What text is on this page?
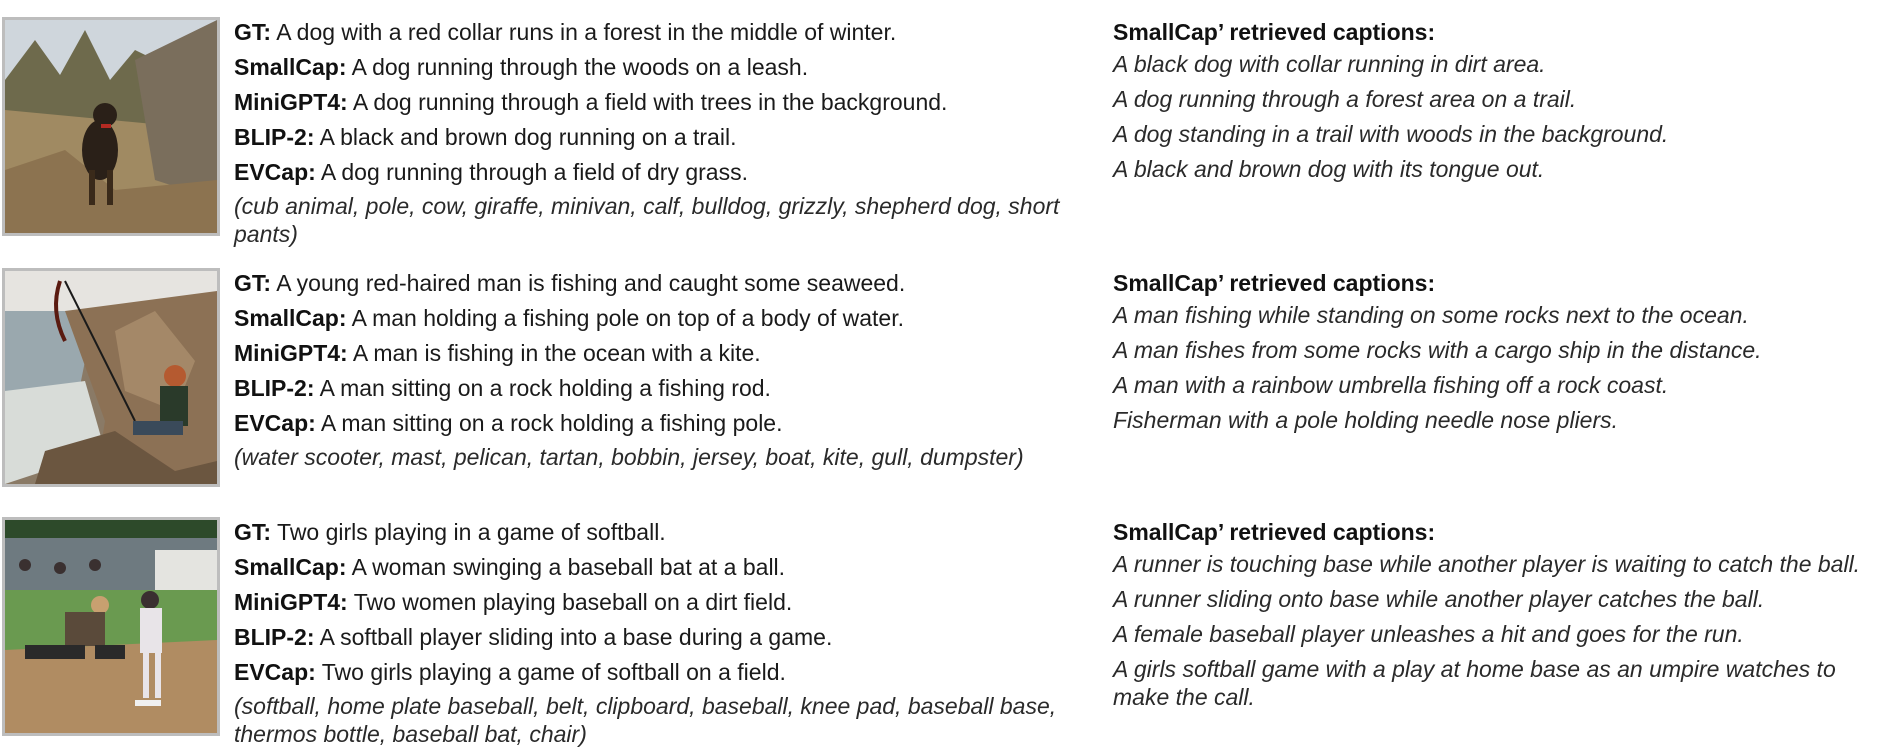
GT: A dog with a red collar runs in a forest in the middle of winter.
SmallCap: A dog running through the woods on a leash.
MiniGPT4: A dog running through a field with trees in the background.
BLIP-2: A black and brown dog running on a trail.
EVCap: A dog running through a field of dry grass.
(cub animal, pole, cow, giraffe, minivan, calf, bulldog, grizzly, shepherd dog, short pants)
SmallCap’ retrieved captions:
A black dog with collar running in dirt area.
A dog running through a forest area on a trail.
A dog standing in a trail with woods in the background.
A black and brown dog with its tongue out.
GT: A young red-haired man is fishing and caught some seaweed.
SmallCap: A man holding a fishing pole on top of a body of water.
MiniGPT4: A man is fishing in the ocean with a kite.
BLIP-2: A man sitting on a rock holding a fishing rod.
EVCap: A man sitting on a rock holding a fishing pole.
(water scooter, mast, pelican, tartan, bobbin, jersey, boat, kite, gull, dumpster)
SmallCap’ retrieved captions:
A man fishing while standing on some rocks next to the ocean.
A man fishes from some rocks with a cargo ship in the distance.
A man with a rainbow umbrella fishing off a rock coast.
Fisherman with a pole holding needle nose pliers.
GT: Two girls playing in a game of softball.
SmallCap: A woman swinging a baseball bat at a ball.
MiniGPT4: Two women playing baseball on a dirt field.
BLIP-2: A softball player sliding into a base during a game.
EVCap: Two girls playing a game of softball on a field.
(softball, home plate baseball, belt, clipboard, baseball, knee pad, baseball base, thermos bottle, baseball bat, chair)
SmallCap’ retrieved captions:
A runner is touching base while another player is waiting to catch the ball.
A runner sliding onto base while another player catches the ball.
A female baseball player unleashes a hit and goes for the run.
A girls softball game with a play at home base as an umpire watches to make the call.
